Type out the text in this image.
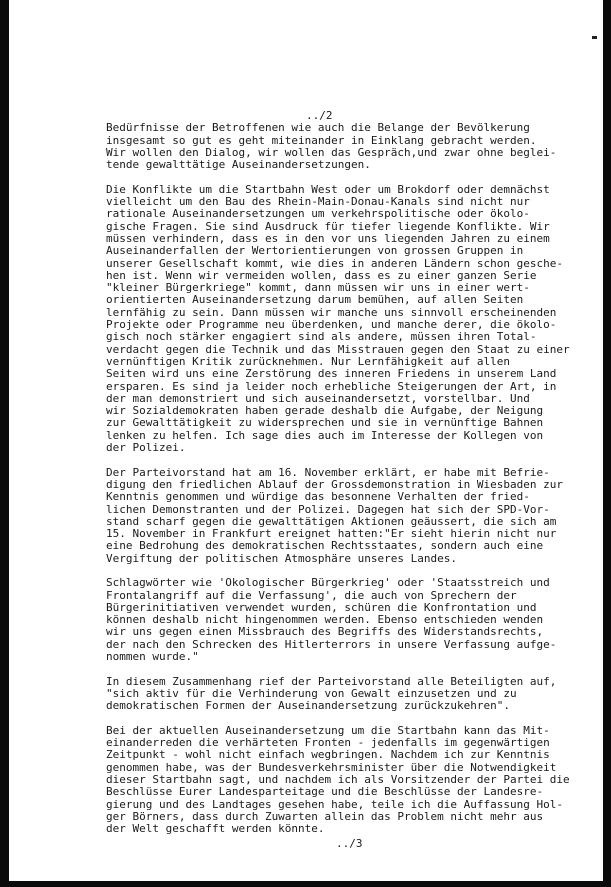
../2
Bedürfnisse der Betroffenen wie auch die Belange der Bevölkerung
insgesamt so gut es geht miteinander in Einklang gebracht werden.
Wir wollen den Dialog, wir wollen das Gespräch,und zwar ohne beglei-
tende gewalttätige Auseinandersetzungen.
Die Konflikte um die Startbahn West oder um Brokdorf oder demnächst
vielleicht um den Bau des Rhein-Main-Donau-Kanals sind nicht nur
rationale Auseinandersetzungen um verkehrspolitische oder ökolo-
gische Fragen. Sie sind Ausdruck für tiefer liegende Konflikte. Wir
müssen verhindern, dass es in den vor uns liegenden Jahren zu einem
Auseinanderfallen der Wertorientierungen von grossen Gruppen in
unserer Gesellschaft kommt, wie dies in anderen Ländern schon gesche-
hen ist. Wenn wir vermeiden wollen, dass es zu einer ganzen Serie
"kleiner Bürgerkriege" kommt, dann müssen wir uns in einer wert-
orientierten Auseinandersetzung darum bemühen, auf allen Seiten
lernfähig zu sein. Dann müssen wir manche uns sinnvoll erscheinenden
Projekte oder Programme neu überdenken, und manche derer, die ökolo-
gisch noch stärker engagiert sind als andere, müssen ihren Total-
verdacht gegen die Technik und das Misstrauen gegen den Staat zu einer
vernünftigen Kritik zurücknehmen. Nur Lernfähigkeit auf allen
Seiten wird uns eine Zerstörung des inneren Friedens in unserem Land
ersparen. Es sind ja leider noch erhebliche Steigerungen der Art, in
der man demonstriert und sich auseinandersetzt, vorstellbar. Und
wir Sozialdemokraten haben gerade deshalb die Aufgabe, der Neigung
zur Gewalttätigkeit zu widersprechen und sie in vernünftige Bahnen
lenken zu helfen. Ich sage dies auch im Interesse der Kollegen von
der Polizei.
Der Parteivorstand hat am 16. November erklärt, er habe mit Befrie-
digung den friedlichen Ablauf der Grossdemonstration in Wiesbaden zur
Kenntnis genommen und würdige das besonnene Verhalten der fried-
lichen Demonstranten und der Polizei. Dagegen hat sich der SPD-Vor-
stand scharf gegen die gewalttätigen Aktionen geäussert, die sich am
15. November in Frankfurt ereignet hatten:"Er sieht hierin nicht nur
eine Bedrohung des demokratischen Rechtsstaates, sondern auch eine
Vergiftung der politischen Atmosphäre unseres Landes.
Schlagwörter wie 'Ökologischer Bürgerkrieg' oder 'Staatsstreich und
Frontalangriff auf die Verfassung', die auch von Sprechern der
Bürgerinitiativen verwendet wurden, schüren die Konfrontation und
können deshalb nicht hingenommen werden. Ebenso entschieden wenden
wir uns gegen einen Missbrauch des Begriffs des Widerstandsrechts,
der nach den Schrecken des Hitlerterrors in unsere Verfassung aufge-
nommen wurde."
In diesem Zusammenhang rief der Parteivorstand alle Beteiligten auf,
"sich aktiv für die Verhinderung von Gewalt einzusetzen und zu
demokratischen Formen der Auseinandersetzung zurückzukehren".
Bei der aktuellen Auseinandersetzung um die Startbahn kann das Mit-
einanderreden die verhärteten Fronten - jedenfalls im gegenwärtigen
Zeitpunkt - wohl nicht einfach wegbringen. Nachdem ich zur Kenntnis
genommen habe, was der Bundesverkehrsminister über die Notwendigkeit
dieser Startbahn sagt, und nachdem ich als Vorsitzender der Partei die
Beschlüsse Eurer Landesparteitage und die Beschlüsse der Landesre-
gierung und des Landtages gesehen habe, teile ich die Auffassung Hol-
ger Börners, dass durch Zuwarten allein das Problem nicht mehr aus
der Welt geschafft werden könnte.
../3
